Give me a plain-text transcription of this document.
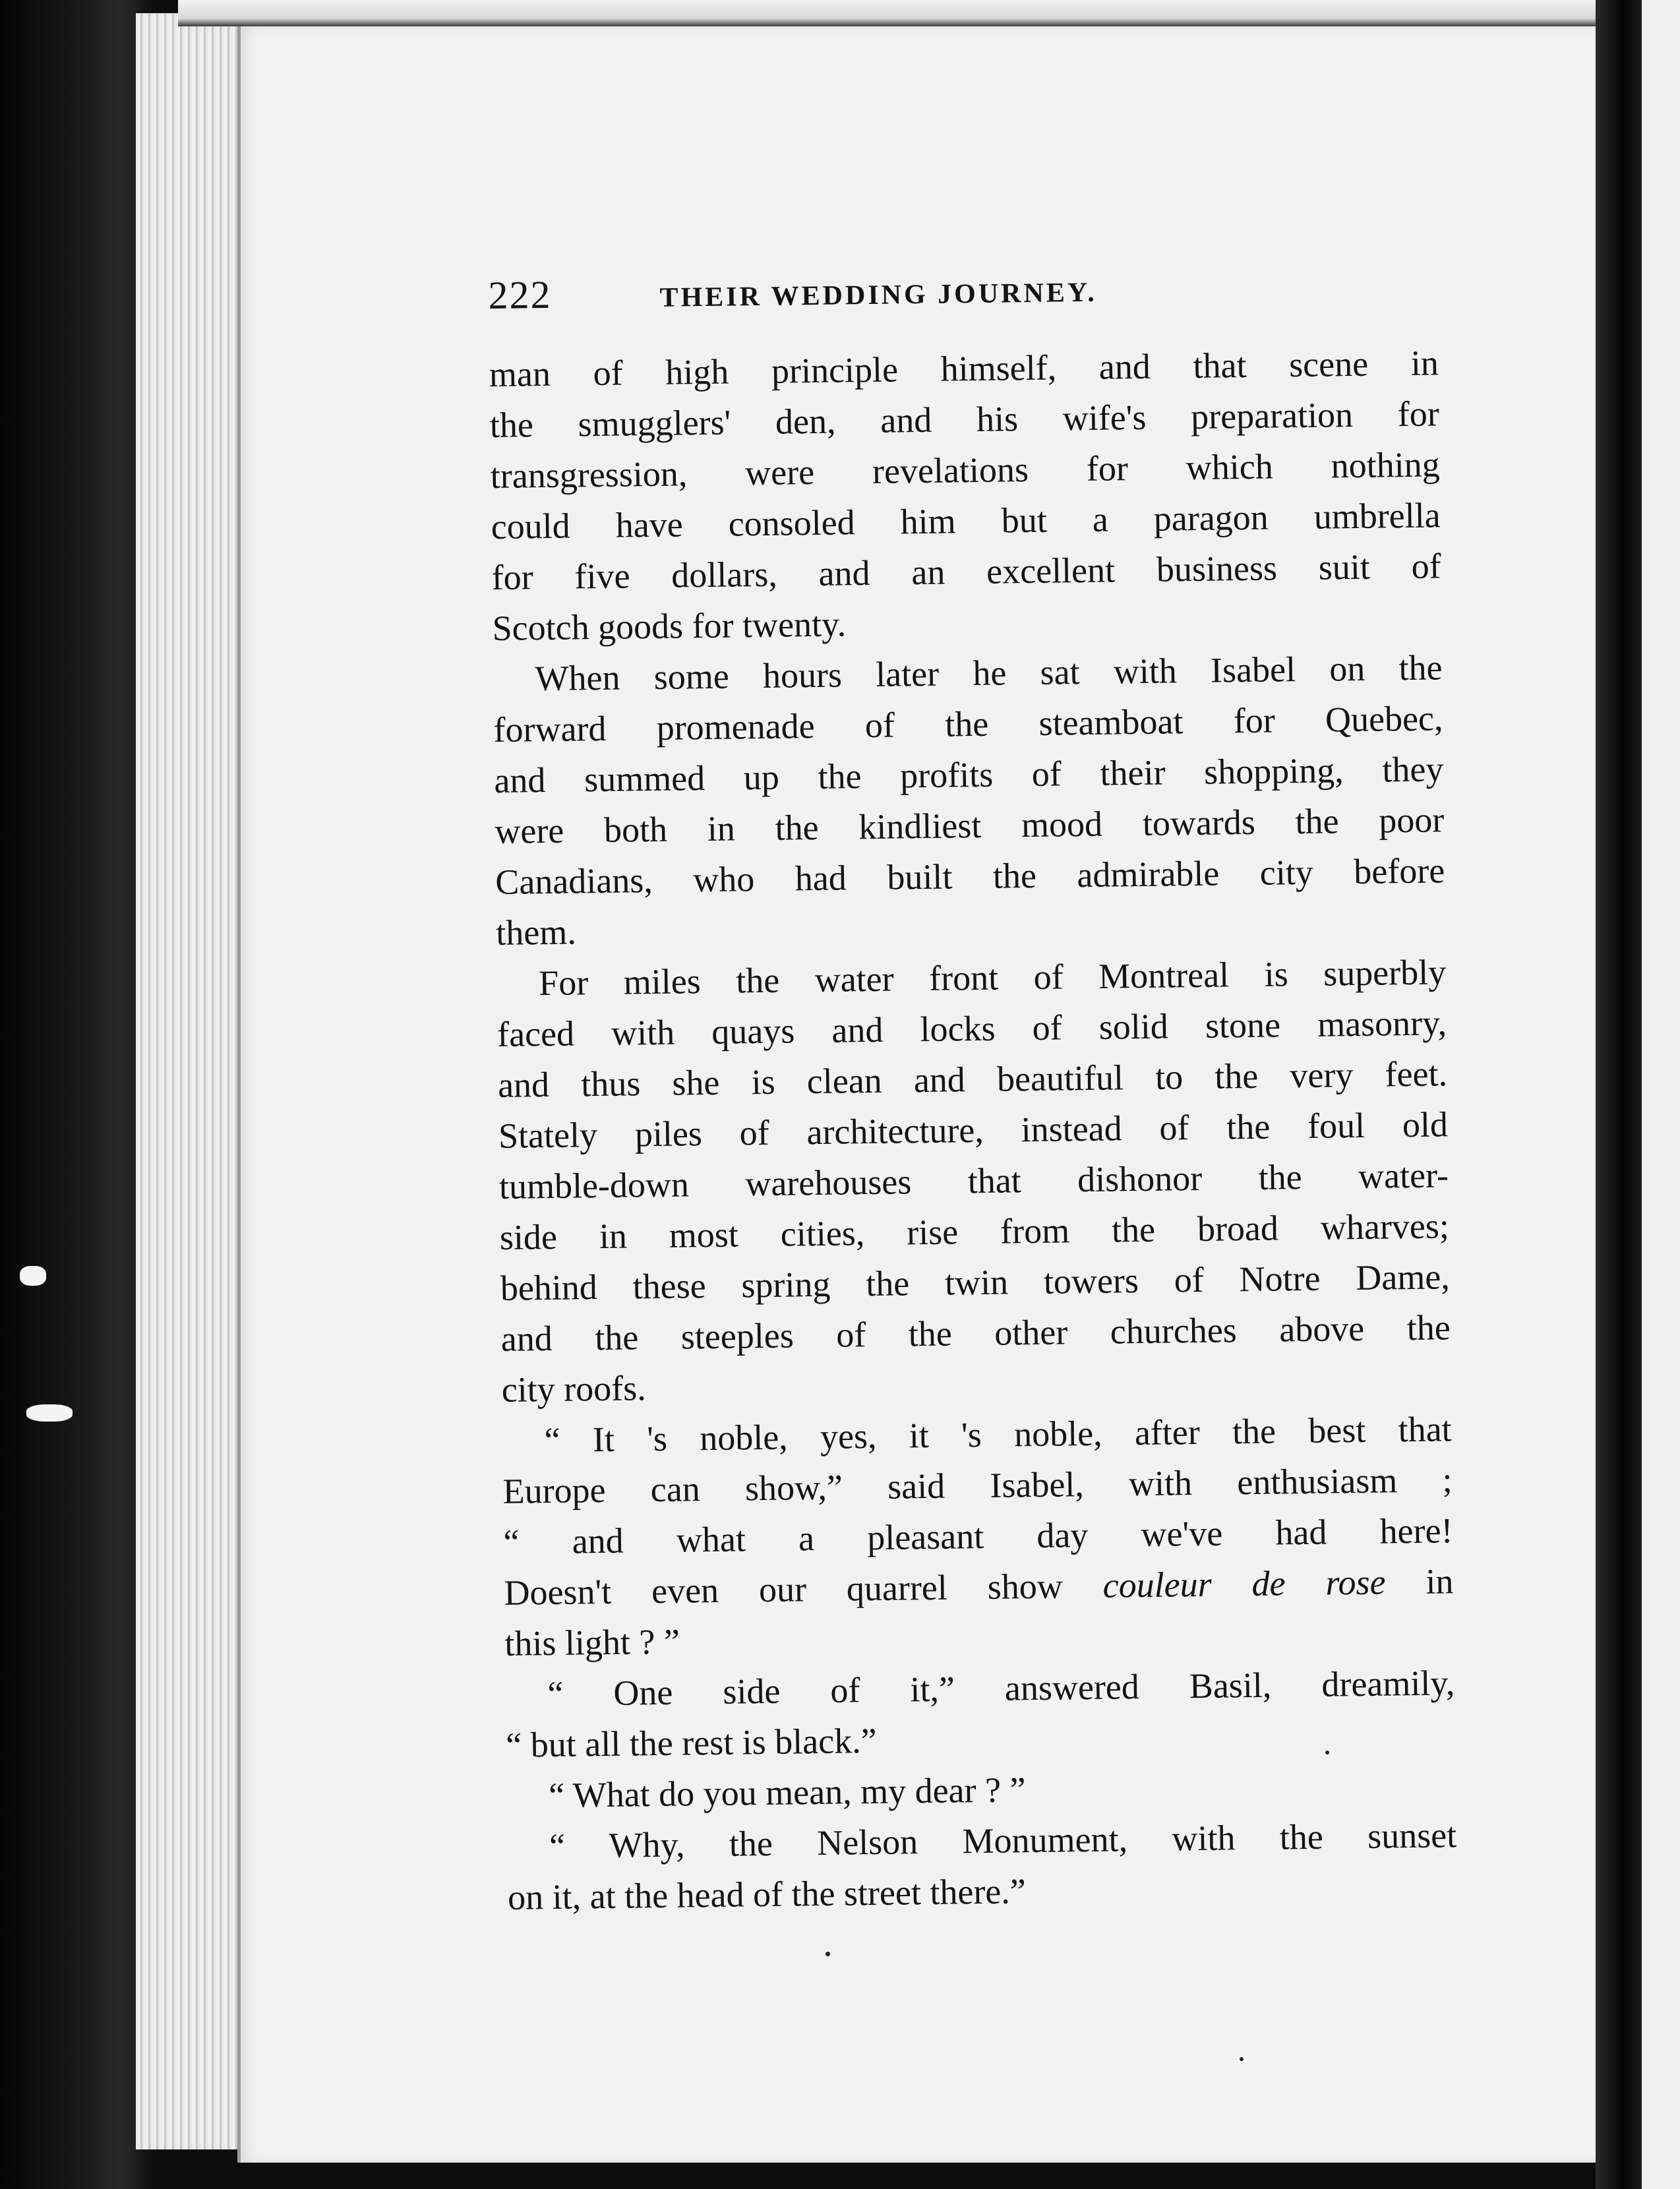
222	THEIR WEDDING JOURNEY.

man of high principle himself, and that scene in
the smugglers' den, and his wife's preparation for
transgression, were revelations for which nothing
could have consoled him but a paragon umbrella
for five dollars, and an excellent business suit of
Scotch goods for twenty.

When some hours later he sat with Isabel on the
forward promenade of the steamboat for Quebec,
and summed up the profits of their shopping, they
were both in the kindliest mood towards the poor
Canadians, who had built the admirable city before
them.

For miles the water front of Montreal is superbly
faced with quays and locks of solid stone masonry,
and thus she is clean and beautiful to the very feet.
Stately piles of architecture, instead of the foul old
tumble-down warehouses that dishonor the water-
side in most cities, rise from the broad wharves;
behind these spring the twin towers of Notre Dame,
and the steeples of the other churches above the
city roofs.

“ It 's noble, yes, it 's noble, after the best that
Europe can show,” said Isabel, with enthusiasm ;
“ and what a pleasant day we've had here!
Doesn't even our quarrel show couleur de rose in
this light ? ”

“ One side of it,” answered Basil, dreamily,
“ but all the rest is black.”

“ What do you mean, my dear ? ”

“ Why, the Nelson Monument, with the sunset
on it, at the head of the street there.”
